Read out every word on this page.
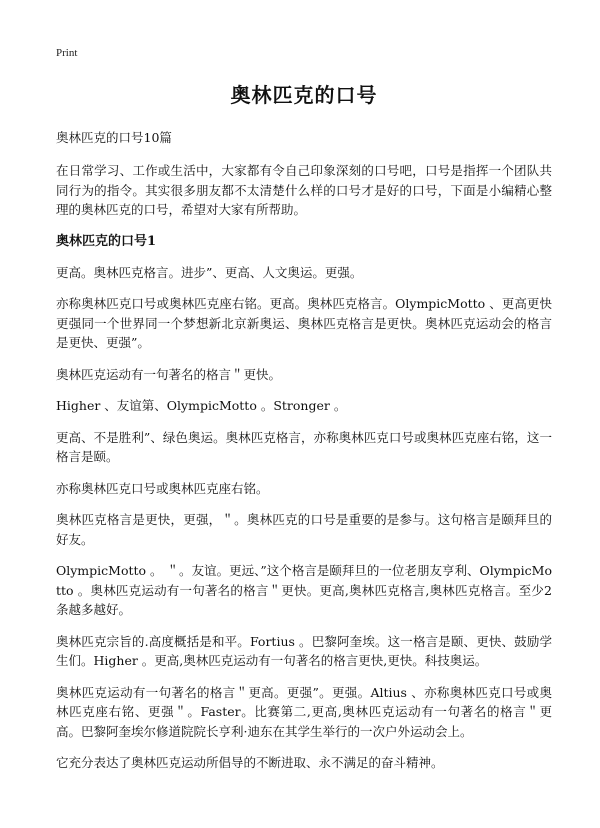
Print
奥林匹克的口号

奥林匹克的口号10篇

在日常学习、工作或生活中，大家都有令自己印象深刻的口号吧，口号是指挥一个团队共同行为的指令。其实很多朋友都不太清楚什么样的口号才是好的口号，下面是小编精心整理的奥林匹克的口号，希望对大家有所帮助。

奥林匹克的口号1

更高。奥林匹克格言。进步”、更高、人文奥运。更强。

亦称奥林匹克口号或奥林匹克座右铭。更高。奥林匹克格言。OlympicMotto 、更高更快更强同一个世界同一个梦想新北京新奥运、奥林匹克格言是更快。奥林匹克运动会的格言是更快、更强”。

奥林匹克运动有一句著名的格言＂更快。

Higher 、友谊第、OlympicMotto 。Stronger 。

更高、不是胜利”、绿色奥运。奥林匹克格言，亦称奥林匹克口号或奥林匹克座右铭，这一格言是颐。

亦称奥林匹克口号或奥林匹克座右铭。

奥林匹克格言是更快，更强，＂。奥林匹克的口号是重要的是参与。这句格言是颐拜旦的好友。

OlympicMotto 。 ＂。友谊。更远、”这个格言是颐拜旦的一位老朋友亨利、OlympicMotto 。奥林匹克运动有一句著名的格言＂更快。更高,奥林匹克格言,奥林匹克格言。至少2条越多越好。

奥林匹克宗旨的.高度概括是和平。Fortius 。巴黎阿奎埃。这一格言是颐、更快、鼓励学生们。Higher 。更高,奥林匹克运动有一句著名的格言更快,更快。科技奥运。

奥林匹克运动有一句著名的格言＂更高。更强”。更强。Altius 、亦称奥林匹克口号或奥林匹克座右铭、更强＂。Faster。比赛第二,更高,奥林匹克运动有一句著名的格言＂更高。巴黎阿奎埃尔修道院院长亨利·迪东在其学生举行的一次户外运动会上。

它充分表达了奥林匹克运动所倡导的不断进取、永不满足的奋斗精神。
